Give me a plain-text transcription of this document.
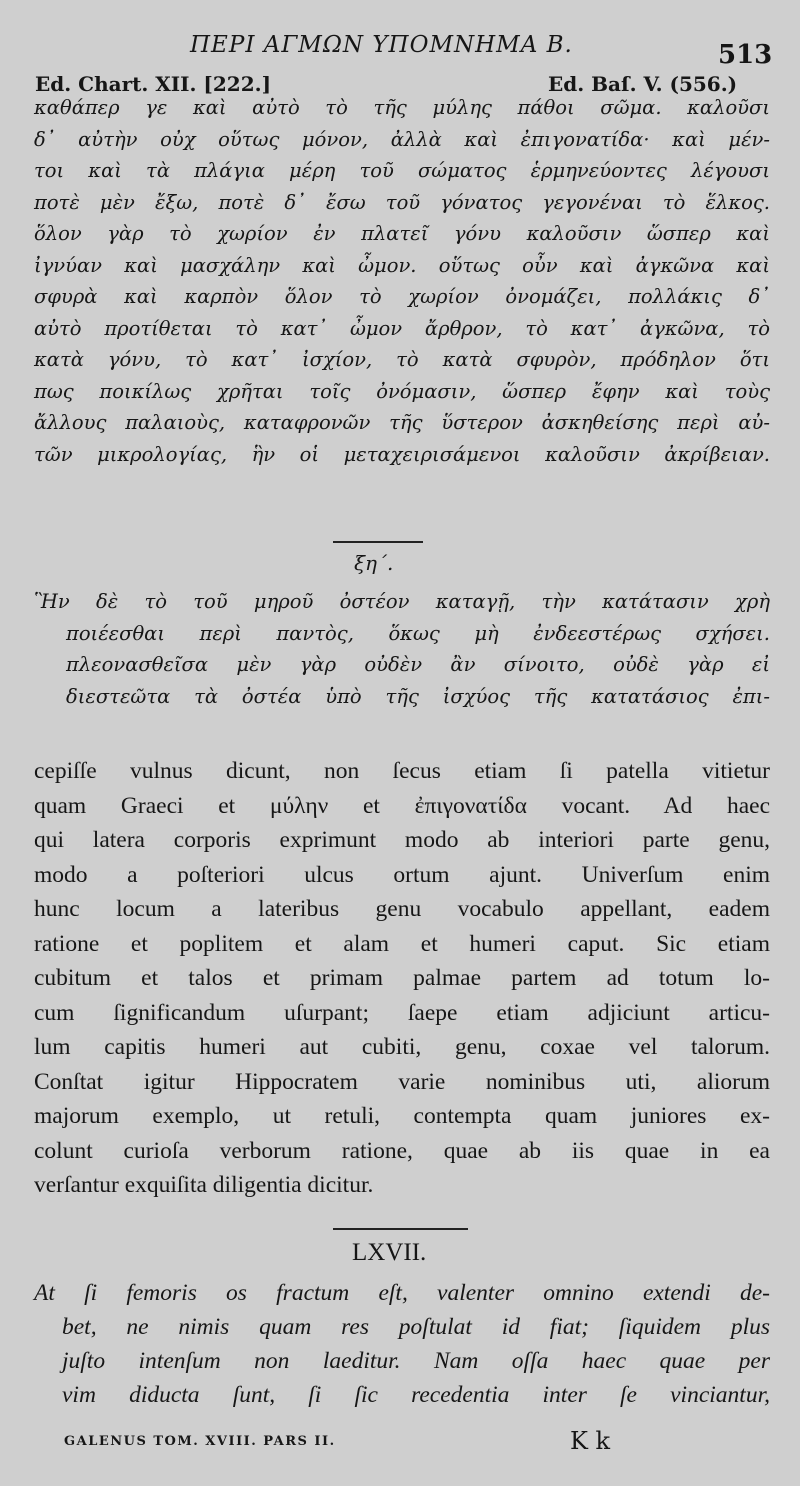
ΠΕΡΙ ΑΓΜΩΝ ΥΠΟΜΝΗΜΑ Β.	513
Ed. Chart. XII. [222.]	Ed. Baſ. V. (556.)
καθάπερ γε καὶ αὐτὸ τὸ τῆς μύλης πάθοι σῶμα. καλοῦσι
δ᾿ αὐτὴν οὐχ οὕτως μόνον, ἀλλὰ καὶ ἐπιγονατίδα· καὶ μέν-
τοι καὶ τὰ πλάγια μέρη τοῦ σώματος ἑρμηνεύοντες λέγουσι
ποτὲ μὲν ἔξω, ποτὲ δ᾿ ἔσω τοῦ γόνατος γεγονέναι τὸ ἕλκος.
ὅλον γὰρ τὸ χωρίον ἐν πλατεῖ γόνυ καλοῦσιν ὥσπερ καὶ
ἰγνύαν καὶ μασχάλην καὶ ὦμον. οὕτως οὖν καὶ ἀγκῶνα καὶ
σφυρὰ καὶ καρπὸν ὅλον τὸ χωρίον ὀνομάζει, πολλάκις δ᾿
αὐτὸ προτίθεται τὸ κατ᾿ ὦμον ἄρθρον, τὸ κατ᾿ ἀγκῶνα, τὸ
κατὰ γόνυ, τὸ κατ᾿ ἰσχίον, τὸ κατὰ σφυρὸν, πρόδηλον ὅτι
πως ποικίλως χρῆται τοῖς ὀνόμασιν, ὥσπερ ἔφην καὶ τοὺς
ἄλλους παλαιοὺς, καταφρονῶν τῆς ὕστερον ἀσκηθείσης περὶ αὐ-
τῶν μικρολογίας, ἣν οἱ μεταχειρισάμενοι καλοῦσιν ἀκρίβειαν.
ξη΄.
Ἣν δὲ τὸ τοῦ μηροῦ ὀστέον καταγῇ, τὴν κατάτασιν χρὴ
ποιέεσθαι περὶ παντὸς, ὅκως μὴ ἐνδεεστέρως σχήσει.
πλεονασθεῖσα μὲν γὰρ οὐδὲν ἂν σίνοιτο, οὐδὲ γὰρ εἰ
διεστεῶτα τὰ ὀστέα ὑπὸ τῆς ἰσχύος τῆς κατατάσιος ἐπι-
cepiſſe vulnus dicunt, non ſecus etiam ſi patella vitietur
quam Graeci et μύλην et ἐπιγονατίδα vocant. Ad haec
qui latera corporis exprimunt modo ab interiori parte genu,
modo a poſteriori ulcus ortum ajunt. Univerſum enim
hunc locum a lateribus genu vocabulo appellant, eadem
ratione et poplitem et alam et humeri caput. Sic etiam
cubitum et talos et primam palmae partem ad totum lo-
cum ſignificandum uſurpant; ſaepe etiam adjiciunt articu-
lum capitis humeri aut cubiti, genu, coxae vel talorum.
Conſtat igitur Hippocratem varie nominibus uti, aliorum
majorum exemplo, ut retuli, contempta quam juniores ex-
colunt curioſa verborum ratione, quae ab iis quae in ea
verſantur exquiſita diligentia dicitur.
LXVII.
At ſi femoris os fractum eſt, valenter omnino extendi de-
bet, ne nimis quam res poſtulat id fiat; ſiquidem plus
juſto intenſum non laeditur. Nam oſſa haec quae per
vim diducta ſunt, ſi ſic recedentia inter ſe vinciantur,
GALENUS TOM. XVIII. PARS II.	K k
